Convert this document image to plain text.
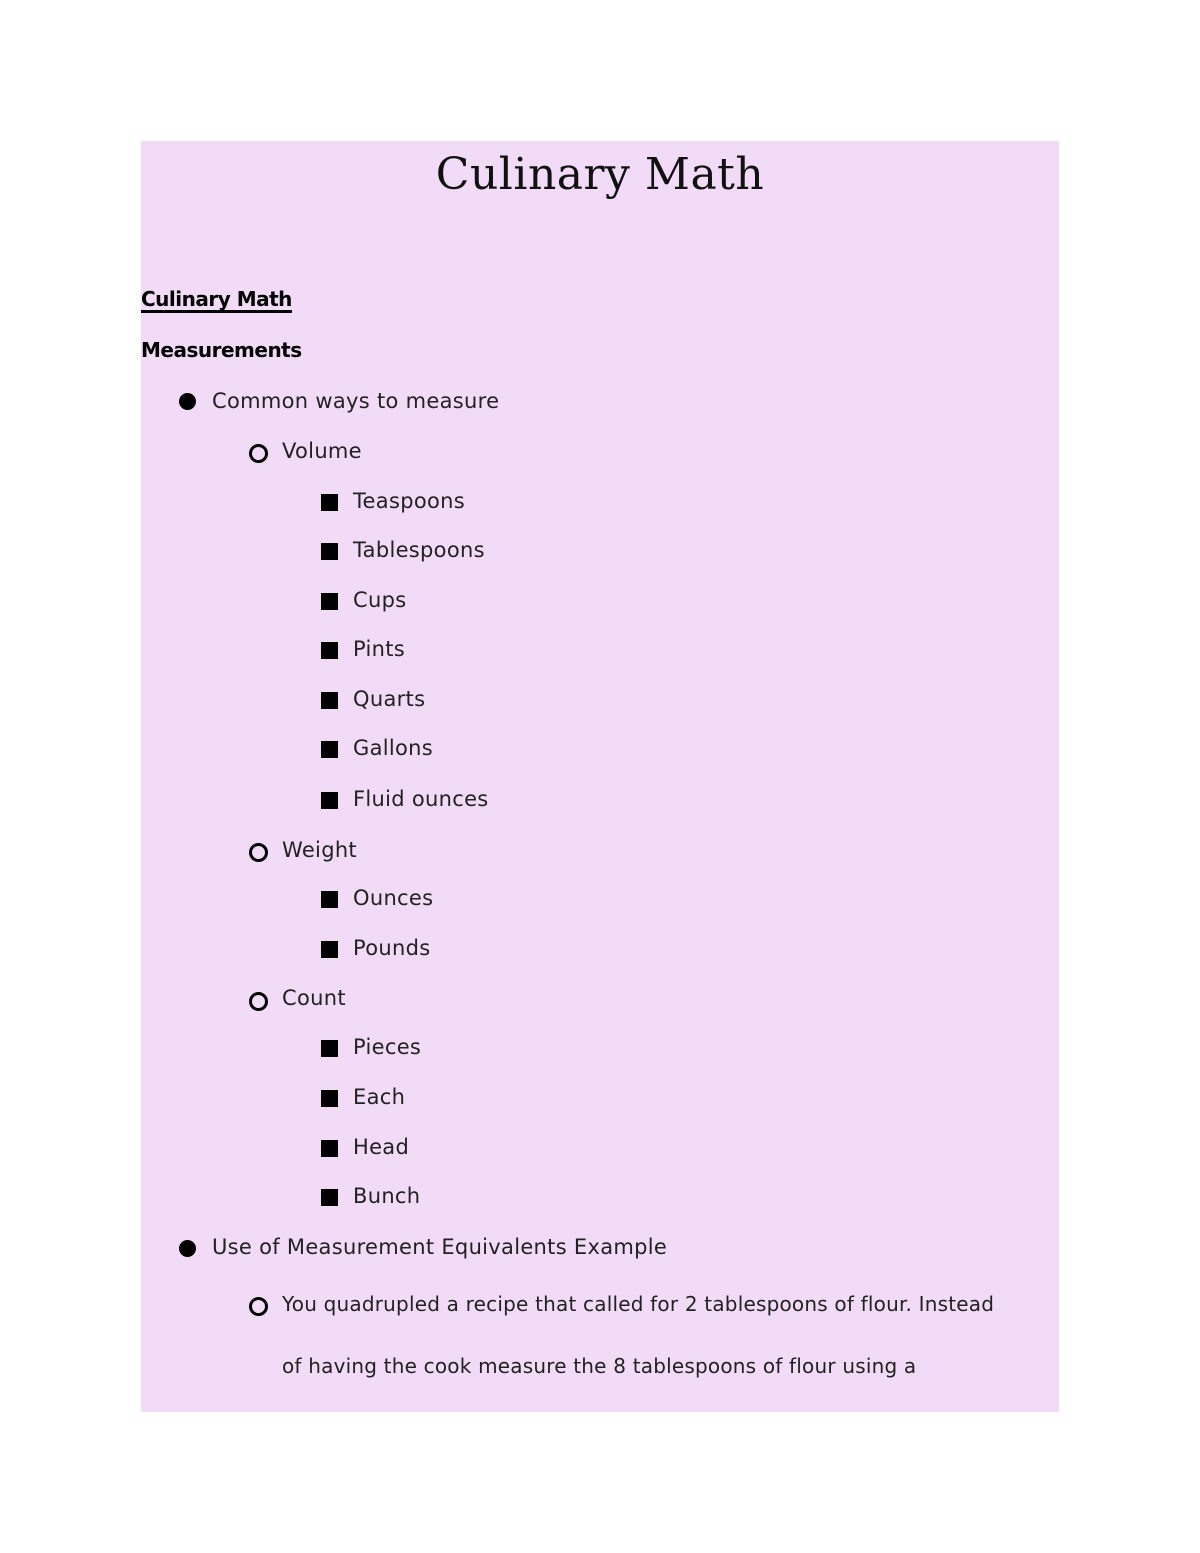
Culinary Math
Culinary Math
Measurements
Common ways to measure
Volume
Teaspoons
Tablespoons
Cups
Pints
Quarts
Gallons
Fluid ounces
Weight
Ounces
Pounds
Count
Pieces
Each
Head
Bunch
Use of Measurement Equivalents Example
You quadrupled a recipe that called for 2 tablespoons of flour. Instead
of having the cook measure the 8 tablespoons of flour using a
